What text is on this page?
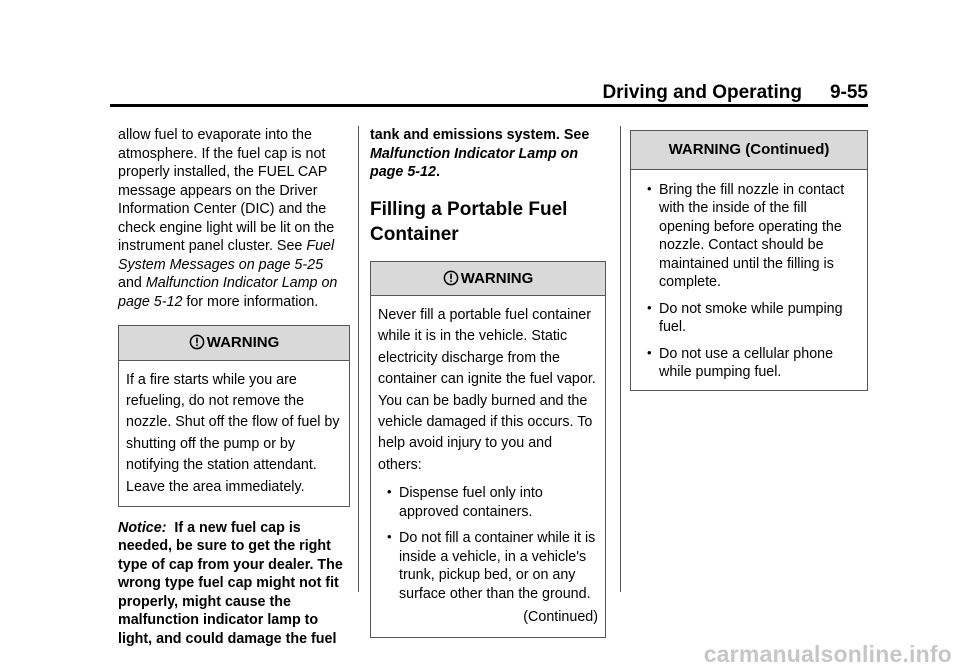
Driving and Operating 9-55

allow fuel to evaporate into the atmosphere. If the fuel cap is not properly installed, the FUEL CAP message appears on the Driver Information Center (DIC) and the check engine light will be lit on the instrument panel cluster. See Fuel System Messages on page 5‑25 and Malfunction Indicator Lamp on page 5‑12 for more information.

WARNING
If a fire starts while you are refueling, do not remove the nozzle. Shut off the flow of fuel by shutting off the pump or by notifying the station attendant. Leave the area immediately.

Notice: If a new fuel cap is needed, be sure to get the right type of cap from your dealer. The wrong type fuel cap might not fit properly, might cause the malfunction indicator lamp to light, and could damage the fuel

tank and emissions system. See Malfunction Indicator Lamp on page 5‑12.

Filling a Portable Fuel Container
WARNING

Never fill a portable fuel container while it is in the vehicle. Static electricity discharge from the container can ignite the fuel vapor. You can be badly burned and the vehicle damaged if this occurs. To help avoid injury to you and others:

• Dispense fuel only into approved containers.
• Do not fill a container while it is inside a vehicle, in a vehicle's trunk, pickup bed, or on any surface other than the ground.
(Continued)
WARNING (Continued)
• Bring the fill nozzle in contact with the inside of the fill opening before operating the nozzle. Contact should be maintained until the filling is complete.
• Do not smoke while pumping fuel.
• Do not use a cellular phone while pumping fuel.
carmanualsonline.info
